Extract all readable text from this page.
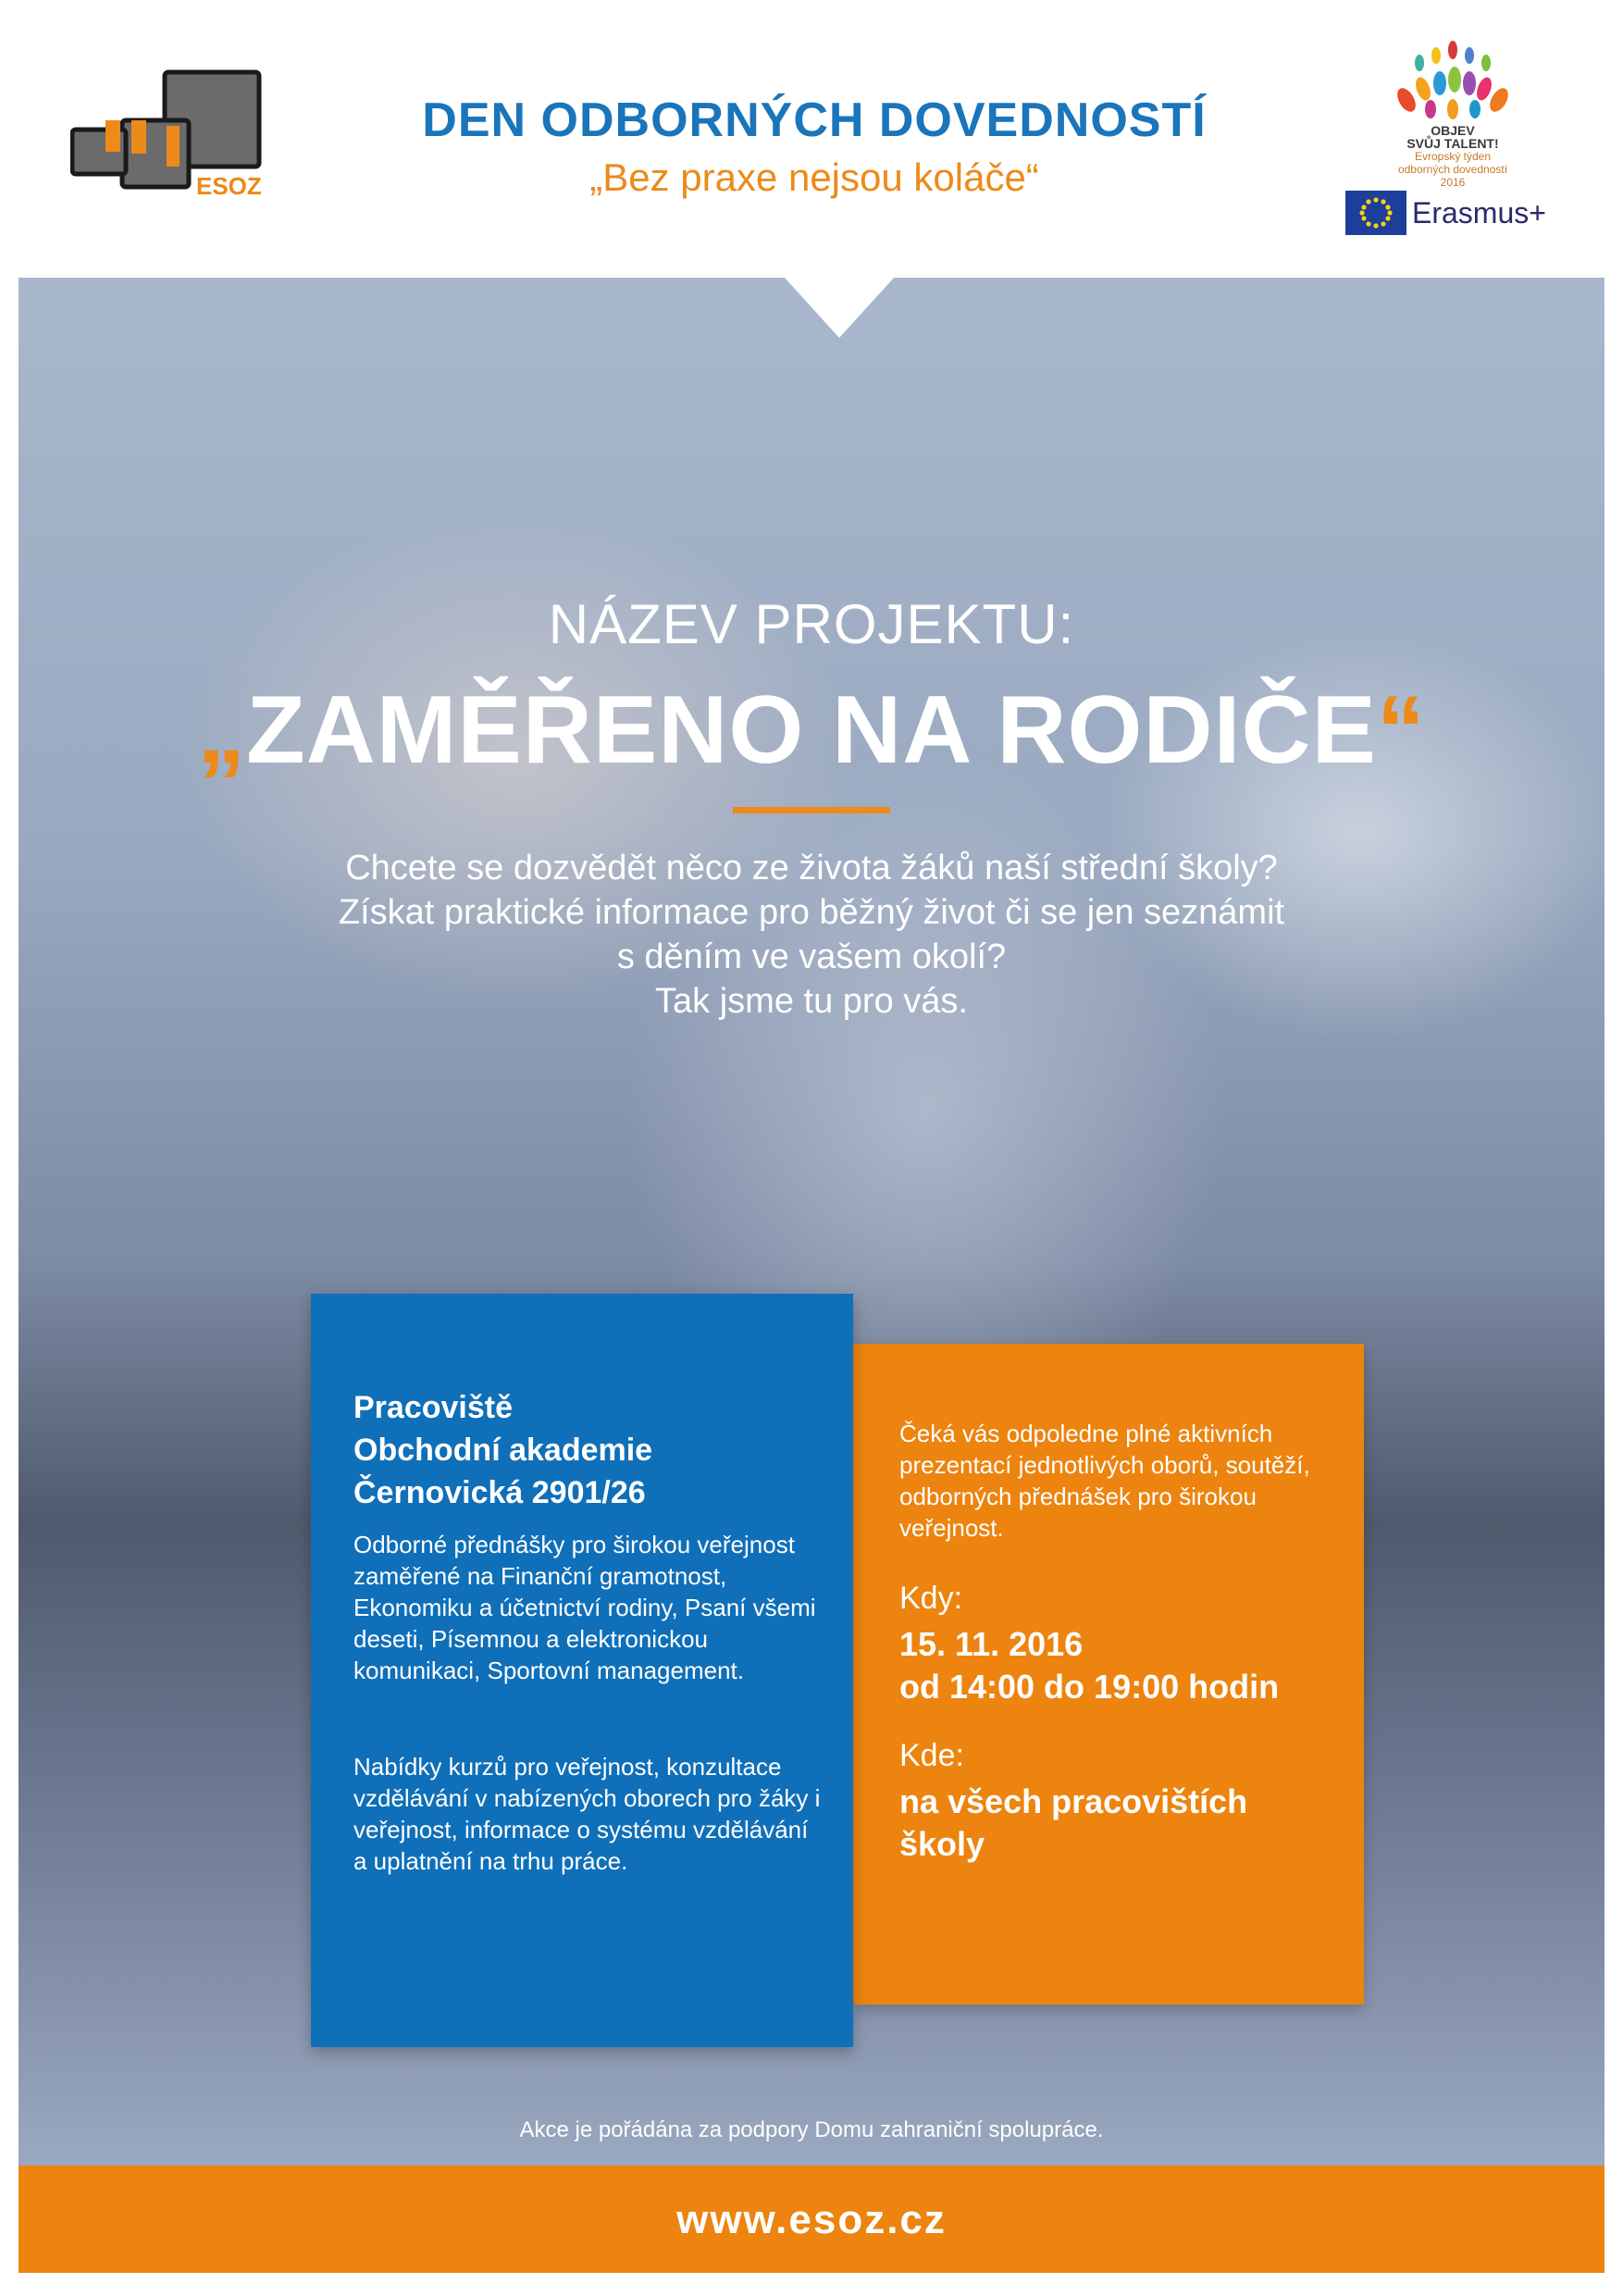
ESOZ
DEN ODBORNÝCH DOVEDNOSTÍ
„Bez praxe nejsou koláče“
OBJEV
SVŮJ TALENT!
Evropský týden
odborných dovedností
2016
Erasmus+
NÁZEV PROJEKTU:
„ZAMĚŘENO NA RODIČE“
Chcete se dozvědět něco ze života žáků naší střední školy?
Získat praktické informace pro běžný život či se jen seznámit
s děním ve vašem okolí?
Tak jsme tu pro vás.
Čeká vás odpoledne plné aktivních prezentací jednotlivých oborů, soutěží, odborných přednášek pro širokou veřejnost.
Kdy:
15. 11. 2016
od 14:00 do 19:00 hodin
Kde:
na všech pracovištích
školy
Pracoviště
Obchodní akademie
Černovická 2901/26
Odborné přednášky pro širokou veřejnost zaměřené na Finanční gramotnost, Ekonomiku a účetnictví rodiny, Psaní všemi deseti, Písemnou a elektronickou komunikaci, Sportovní management.
Nabídky kurzů pro veřejnost, konzultace vzdělávání v nabízených oborech pro žáky i veřejnost, informace o systému vzdělávání a uplatnění na trhu práce.
Akce je pořádána za podpory Domu zahraniční spolupráce.
www.esoz.cz
